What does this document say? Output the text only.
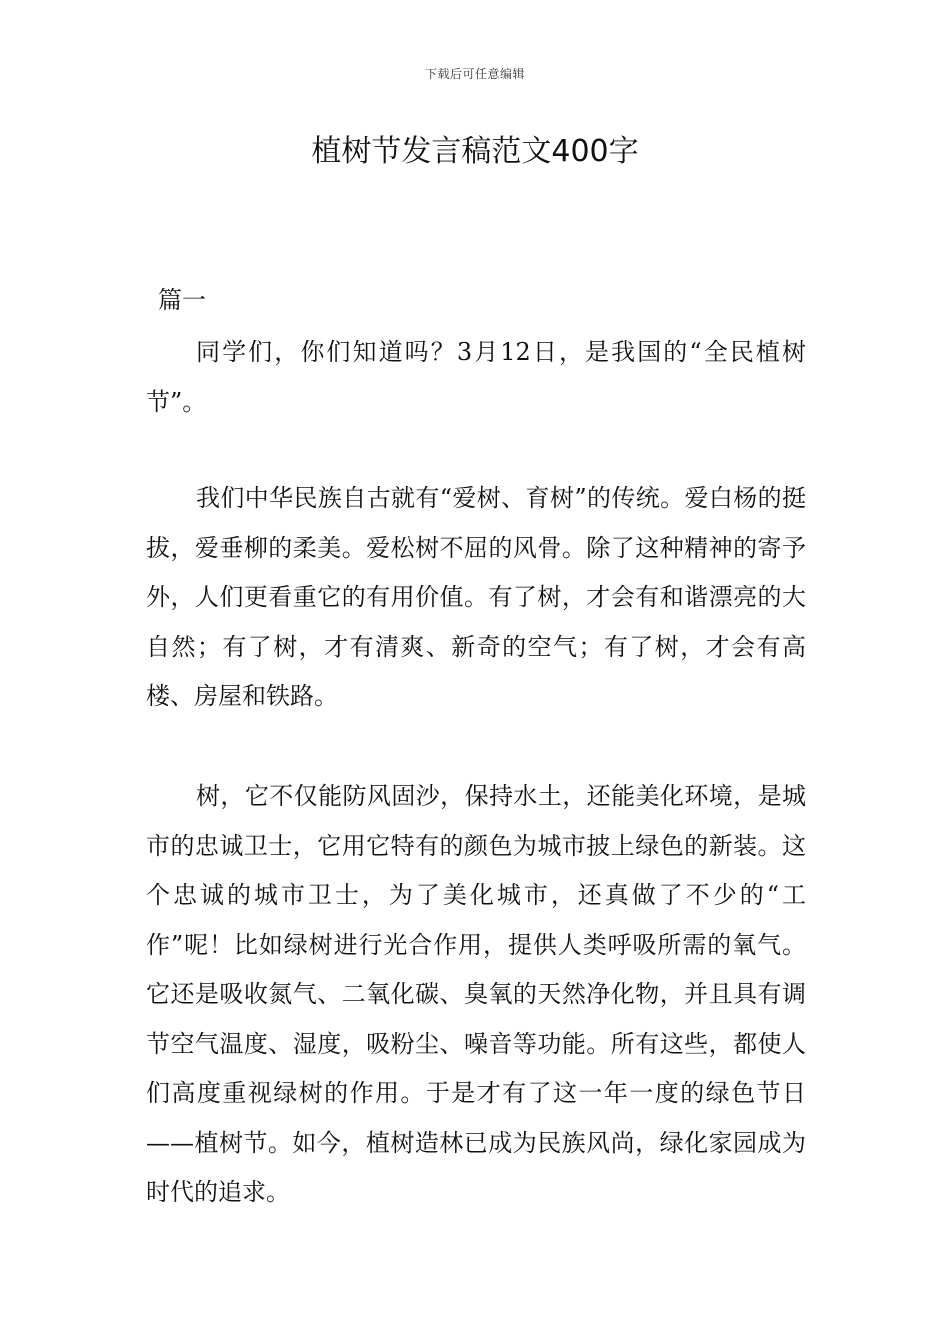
下载后可任意编辑
植树节发言稿范文400字
篇一

同学们，你们知道吗？3月12日，是我国的“全民植树节”。

我们中华民族自古就有“爱树、育树”的传统。爱白杨的挺拔，爱垂柳的柔美。爱松树不屈的风骨。除了这种精神的寄予外，人们更看重它的有用价值。有了树，才会有和谐漂亮的大自然；有了树，才有清爽、新奇的空气；有了树，才会有高楼、房屋和铁路。

树，它不仅能防风固沙，保持水土，还能美化环境，是城市的忠诚卫士，它用它特有的颜色为城市披上绿色的新装。这个忠诚的城市卫士，为了美化城市，还真做了不少的“工作”呢！比如绿树进行光合作用，提供人类呼吸所需的氧气。它还是吸收氮气、二氧化碳、臭氧的天然净化物，并且具有调节空气温度、湿度，吸粉尘、噪音等功能。所有这些，都使人们高度重视绿树的作用。于是才有了这一年一度的绿色节日——植树节。如今，植树造林已成为民族风尚，绿化家园成为时代的追求。
